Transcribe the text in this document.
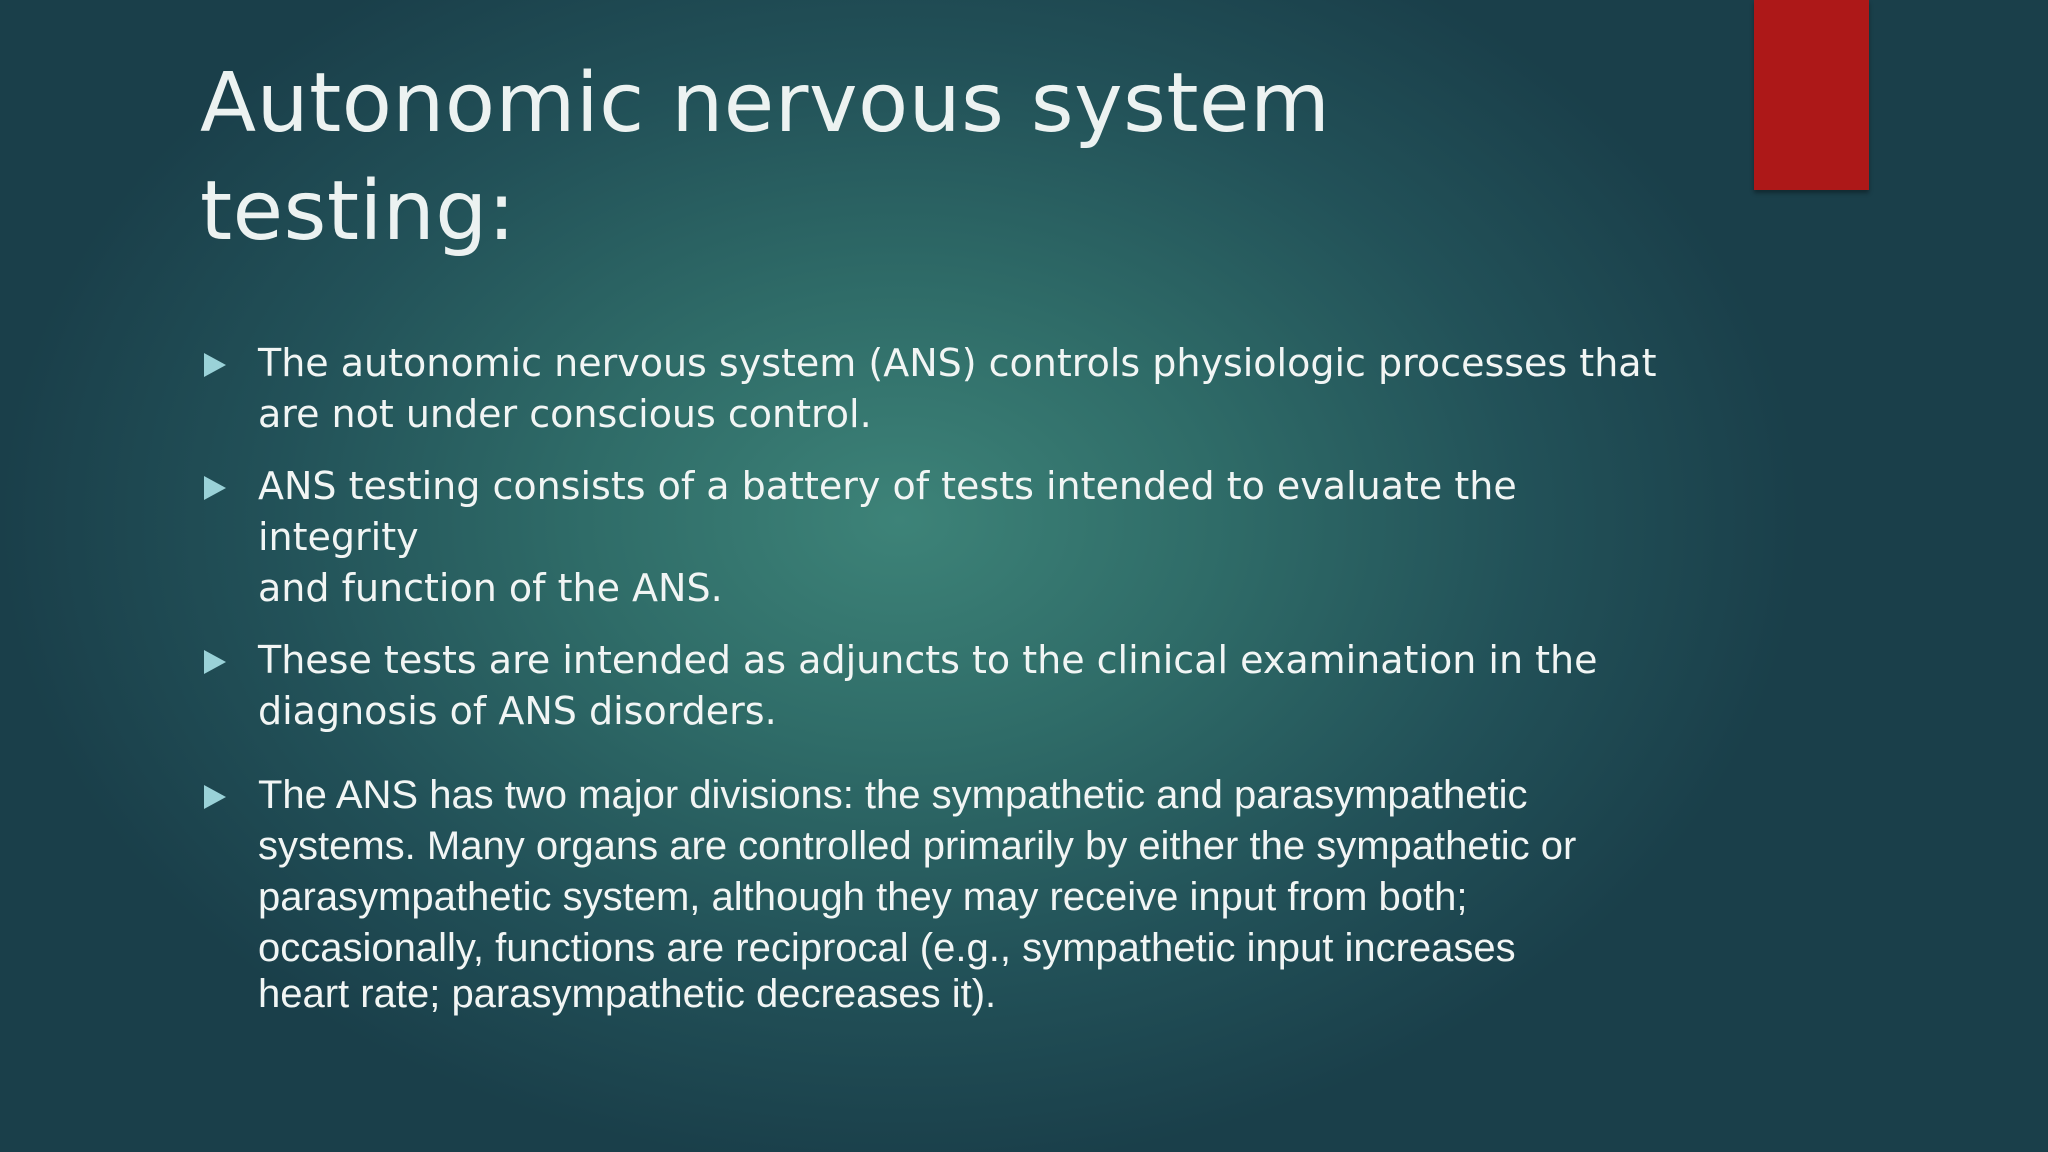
Autonomic nervous system
testing:
The autonomic nervous system (ANS) controls physiologic processes that
are not under conscious control.
ANS testing consists of a battery of tests intended to evaluate the integrity
and function of the ANS.
These tests are intended as adjuncts to the clinical examination in the
diagnosis of ANS disorders.
The ANS has two major divisions: the sympathetic and parasympathetic
systems. Many organs are controlled primarily by either the sympathetic or
parasympathetic system, although they may receive input from both;
occasionally, functions are reciprocal (e.g., sympathetic input increases
heart rate; parasympathetic decreases it).
